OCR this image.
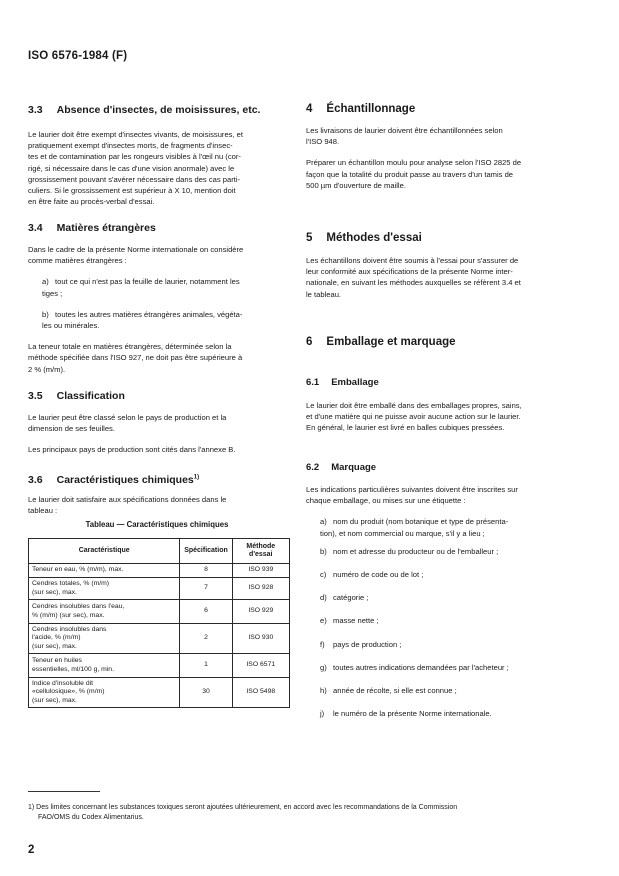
ISO 6576-1984 (F)
3.3 Absence d'insectes, de moisissures, etc.

Le laurier doit être exempt d'insectes vivants, de moisissures, et
pratiquement exempt d'insectes morts, de fragments d'insec-
tes et de contamination par les rongeurs visibles à l'œil nu (cor-
rigé, si nécessaire dans le cas d'une vision anormale) avec le
grossissement pouvant s'avérer nécessaire dans des cas parti-
culiers. Si le grossissement est supérieur à X 10, mention doit
en être faite au procès-verbal d'essai.

3.4 Matières étrangères

Dans le cadre de la présente Norme internationale on considère
comme matières étrangères :

a) tout ce qui n'est pas la feuille de laurier, notamment les
tiges ;
b) toutes les autres matières étrangères animales, végéta-
les ou minérales.

La teneur totale en matières étrangères, déterminée selon la
méthode spécifiée dans l'ISO 927, ne doit pas être supérieure à
2 % (m/m).

3.5 Classification

Le laurier peut être classé selon le pays de production et la
dimension de ses feuilles.

Les principaux pays de production sont cités dans l'annexe B.

3.6 Caractéristiques chimiques$^{1)}$

Le laurier doit satisfaire aux spécifications données dans le
tableau :

Tableau — Caractéristiques chimiques
Caractéristique	Spécification	Méthode d'essai
Teneur en eau, % (m/m), max.	8	ISO 939
Cendres totales, % (m/m)
(sur sec), max.	7	ISO 928
Cendres insolubles dans l'eau,
% (m/m) (sur sec), max.	6	ISO 929
Cendres insolubles dans
l'acide, % (m/m)
(sur sec), max.	2	ISO 930
Teneur en huiles
essentielles, ml/100 g, min.	1	ISO 6571
Indice d'insoluble dit
«cellulosique», % (m/m)
(sur sec), max.	30	ISO 5498
4 Échantillonnage

Les livraisons de laurier doivent être échantillonnées selon
l'ISO 948.

Préparer un échantillon moulu pour analyse selon l'ISO 2825 de
façon que la totalité du produit passe au travers d'un tamis de
500 µm d'ouverture de maille.

5 Méthodes d'essai

Les échantillons doivent être soumis à l'essai pour s'assurer de
leur conformité aux spécifications de la présente Norme inter-
nationale, en suivant les méthodes auxquelles se réfèrent 3.4 et
le tableau.

6 Emballage et marquage
6.1 Emballage

Le laurier doit être emballé dans des emballages propres, sains,
et d'une matière qui ne puisse avoir aucune action sur le laurier.
En général, le laurier est livré en balles cubiques pressées.

6.2 Marquage

Les indications particulières suivantes doivent être inscrites sur
chaque emballage, ou mises sur une étiquette :

a) nom du produit (nom botanique et type de présenta-
tion), et nom commercial ou marque, s'il y a lieu ;
b) nom et adresse du producteur ou de l'emballeur ;
c) numéro de code ou de lot ;
d) catégorie ;
e) masse nette ;
f) pays de production ;
g) toutes autres indications demandées par l'acheteur ;
h) année de récolte, si elle est connue ;
j) le numéro de la présente Norme internationale.
1) Des limites concernant les substances toxiques seront ajoutées ultérieurement, en accord avec les recommandations de la Commission
FAO/OMS du Codex Alimentarius.
2
